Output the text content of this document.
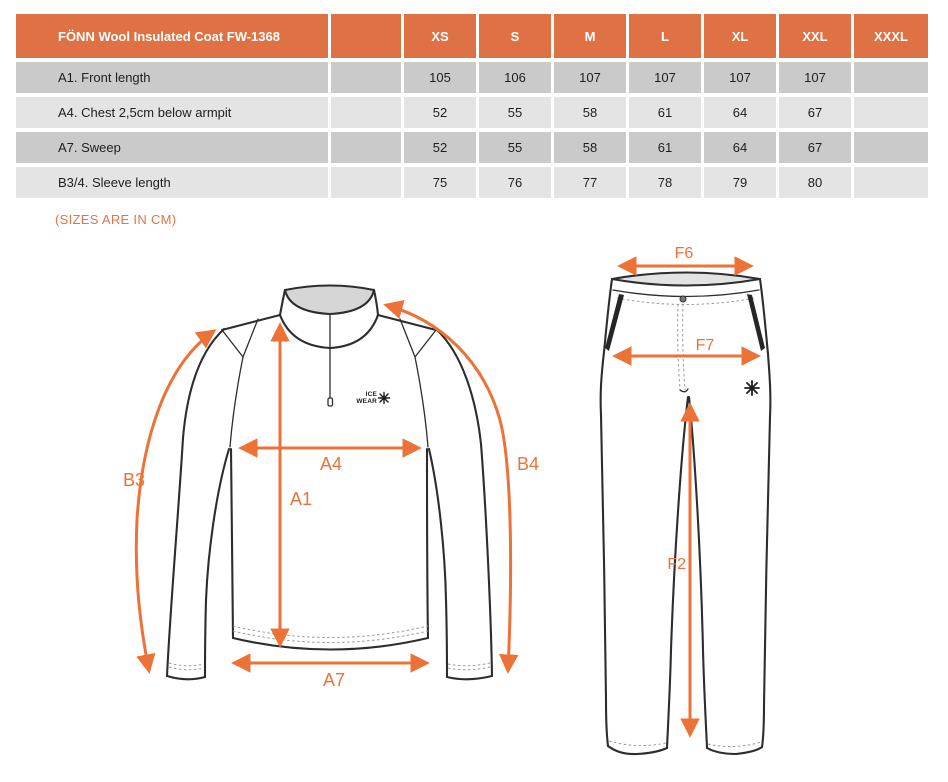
FÖNN Wool Insulated Coat FW-1368		XS	S	M	L	XL	XXL	XXXL
A1. Front length		105	106	107	107	107	107	
A4. Chest 2,5cm below armpit		52	55	58	61	64	67	
A7. Sweep		52	55	58	61	64	67	
B3/4. Sleeve length		75	76	77	78	79	80	
(SIZES ARE IN CM)
ICE
WEAR
A1
A4
A7
B3
B4
F6
F7
F2
